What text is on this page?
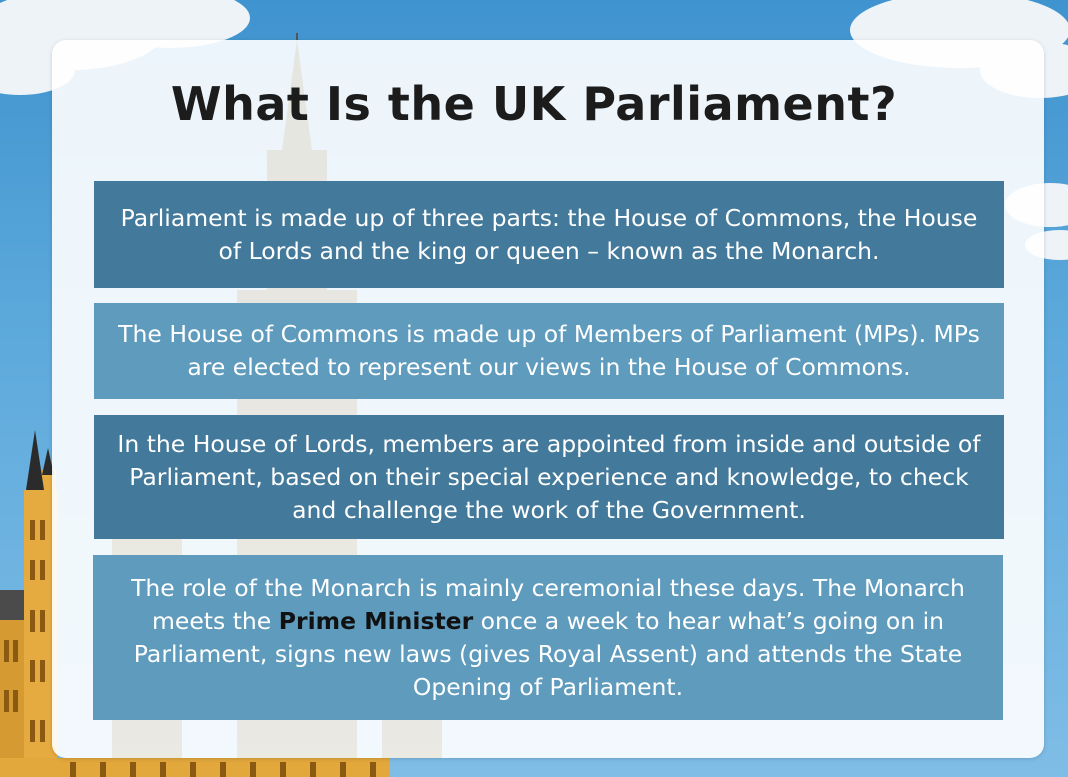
What Is the UK Parliament?

Parliament is made up of three parts: the House of Commons, the House of Lords and the king or queen – known as the Monarch.

The House of Commons is made up of Members of Parliament (MPs). MPs are elected to represent our views in the House of Commons.

In the House of Lords, members are appointed from inside and outside of Parliament, based on their special experience and knowledge, to check and challenge the work of the Government.

The role of the Monarch is mainly ceremonial these days. The Monarch meets the Prime Minister once a week to hear what’s going on in Parliament, signs new laws (gives Royal Assent) and attends the State Opening of Parliament.
